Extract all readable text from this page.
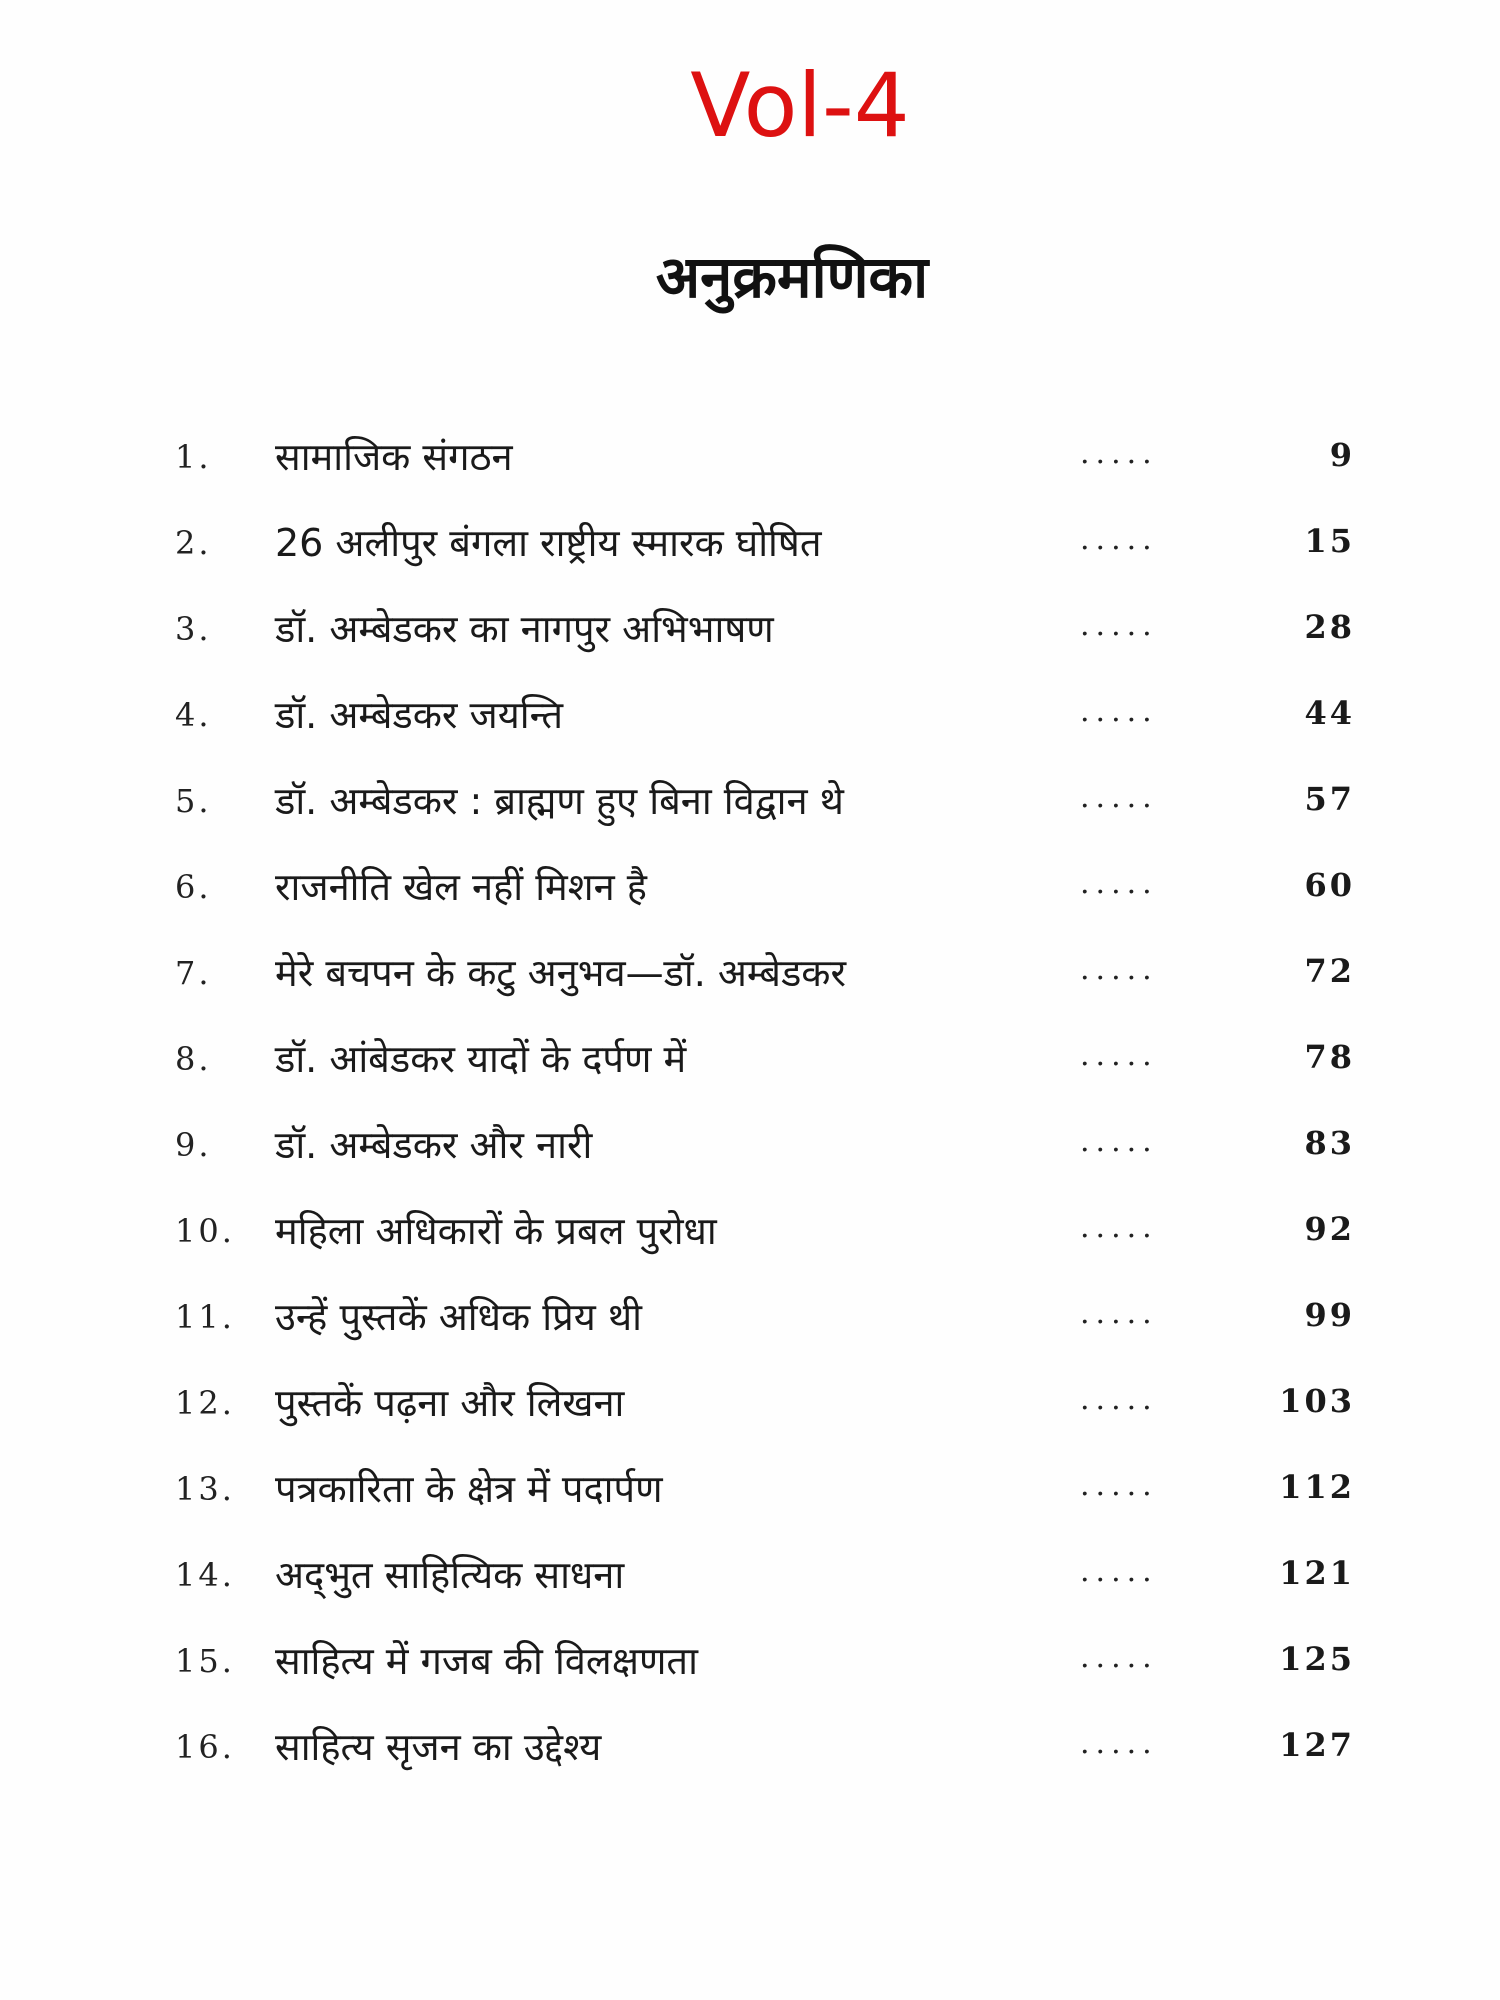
Vol-4
अनुक्रमणिका
1. सामाजिक संगठन	.....	9
2. 26 अलीपुर बंगला राष्ट्रीय स्मारक घोषित	.....	15
3. डॉ. अम्बेडकर का नागपुर अभिभाषण	.....	28
4. डॉ. अम्बेडकर जयन्ति	.....	44
5. डॉ. अम्बेडकर : ब्राह्मण हुए बिना विद्वान थे	.....	57
6. राजनीति खेल नहीं मिशन है	.....	60
7. मेरे बचपन के कटु अनुभव—डॉ. अम्बेडकर	.....	72
8. डॉ. आंबेडकर यादों के दर्पण में	.....	78
9. डॉ. अम्बेडकर और नारी	.....	83
10. महिला अधिकारों के प्रबल पुरोधा	.....	92
11. उन्हें पुस्तकें अधिक प्रिय थी	.....	99
12. पुस्तकें पढ़ना और लिखना	.....	103
13. पत्रकारिता के क्षेत्र में पदार्पण	.....	112
14. अद्‍भुत साहित्यिक साधना	.....	121
15. साहित्य में गजब की विलक्षणता	.....	125
16. साहित्य सृजन का उद्देश्य	.....	127
